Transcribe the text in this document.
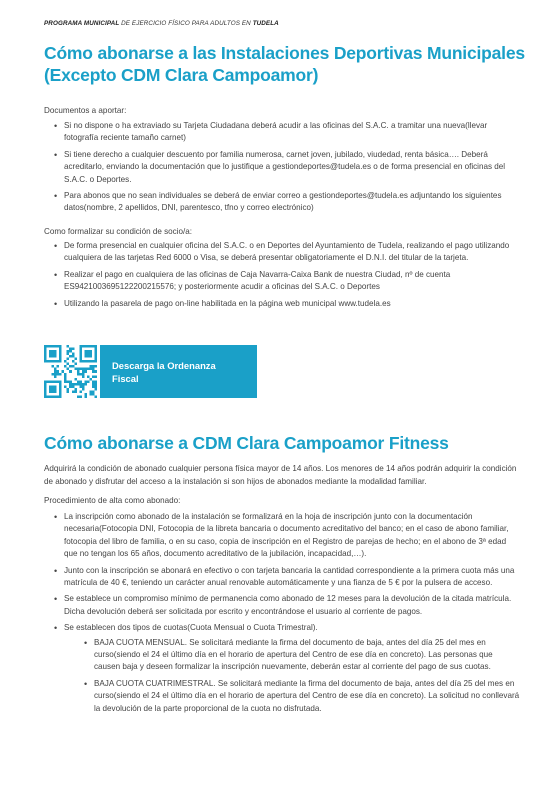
PROGRAMA MUNICIPAL DE EJERCICIO FÍSICO PARA ADULTOS EN TUDELA
Cómo abonarse a las Instalaciones Deportivas Municipales
(Excepto CDM Clara Campoamor)
Documentos a aportar:
• Si no dispone o ha extraviado su Tarjeta Ciudadana deberá acudir a las oficinas del S.A.C. a tramitar una nueva(llevar fotografía reciente tamaño carnet)
• Si tiene derecho a cualquier descuento por familia numerosa, carnet joven, jubilado, viudedad, renta básica…. Deberá acreditarlo, enviando la documentación que lo justifique a gestiondeportes@tudela.es o de forma presencial en oficinas del S.A.C. o Deportes.
• Para abonos que no sean individuales se deberá de enviar correo a gestiondeportes@tudela.es adjuntando los siguientes datos(nombre, 2 apellidos, DNI, parentesco, tfno y correo electrónico)
Como formalizar su condición de socio/a:
• De forma presencial en cualquier oficina del S.A.C. o en Deportes del Ayuntamiento de Tudela, realizando el pago utilizando cualquiera de las tarjetas Red 6000 o Visa, se deberá presentar obligatoriamente el D.N.I. del titular de la tarjeta.
• Realizar el pago en cualquiera de las oficinas de Caja Navarra-Caixa Bank de nuestra Ciudad, nº de cuenta ES9421003695122200215576; y posteriormente acudir a oficinas del S.A.C. o Deportes
• Utilizando la pasarela de pago on-line habilitada en la página web municipal www.tudela.es
Descarga la Ordenanza Fiscal
Cómo abonarse a CDM Clara Campoamor Fitness
Adquirirá la condición de abonado cualquier persona física mayor de 14 años. Los menores de 14 años podrán adquirir la condición de abonado y disfrutar del acceso a la instalación si son hijos de abonados mediante la modalidad familiar.
Procedimiento de alta como abonado:
• La inscripción como abonado de la instalación se formalizará en la hoja de inscripción junto con la documentación necesaria(Fotocopia DNI, Fotocopia de la libreta bancaria o documento acreditativo del banco; en el caso de abono familiar, fotocopia del libro de familia, o en su caso, copia de inscripción en el Registro de parejas de hecho; en el abono de 3ª edad que no tengan los 65 años, documento acreditativo de la jubilación, incapacidad,…).
• Junto con la inscripción se abonará en efectivo o con tarjeta bancaria la cantidad correspondiente a la primera cuota más una matrícula de 40 €, teniendo un carácter anual renovable automáticamente y una fianza de 5 € por la pulsera de acceso.
• Se establece un compromiso mínimo de permanencia como abonado de 12 meses para la devolución de la citada matrícula. Dicha devolución deberá ser solicitada por escrito y encontrándose el usuario al corriente de pagos.
• Se establecen dos tipos de cuotas(Cuota Mensual o Cuota Trimestral).
• BAJA CUOTA MENSUAL. Se solicitará mediante la firma del documento de baja, antes del día 25 del mes en curso(siendo el 24 el último día en el horario de apertura del Centro de ese día en concreto). Las personas que causen baja y deseen formalizar la inscripción nuevamente, deberán estar al corriente del pago de sus cuotas.
• BAJA CUOTA CUATRIMESTRAL. Se solicitará mediante la firma del documento de baja, antes del día 25 del mes en curso(siendo el 24 el último día en el horario de apertura del Centro de ese día en concreto). La solicitud no conllevará la devolución de la parte proporcional de la cuota no disfrutada.
